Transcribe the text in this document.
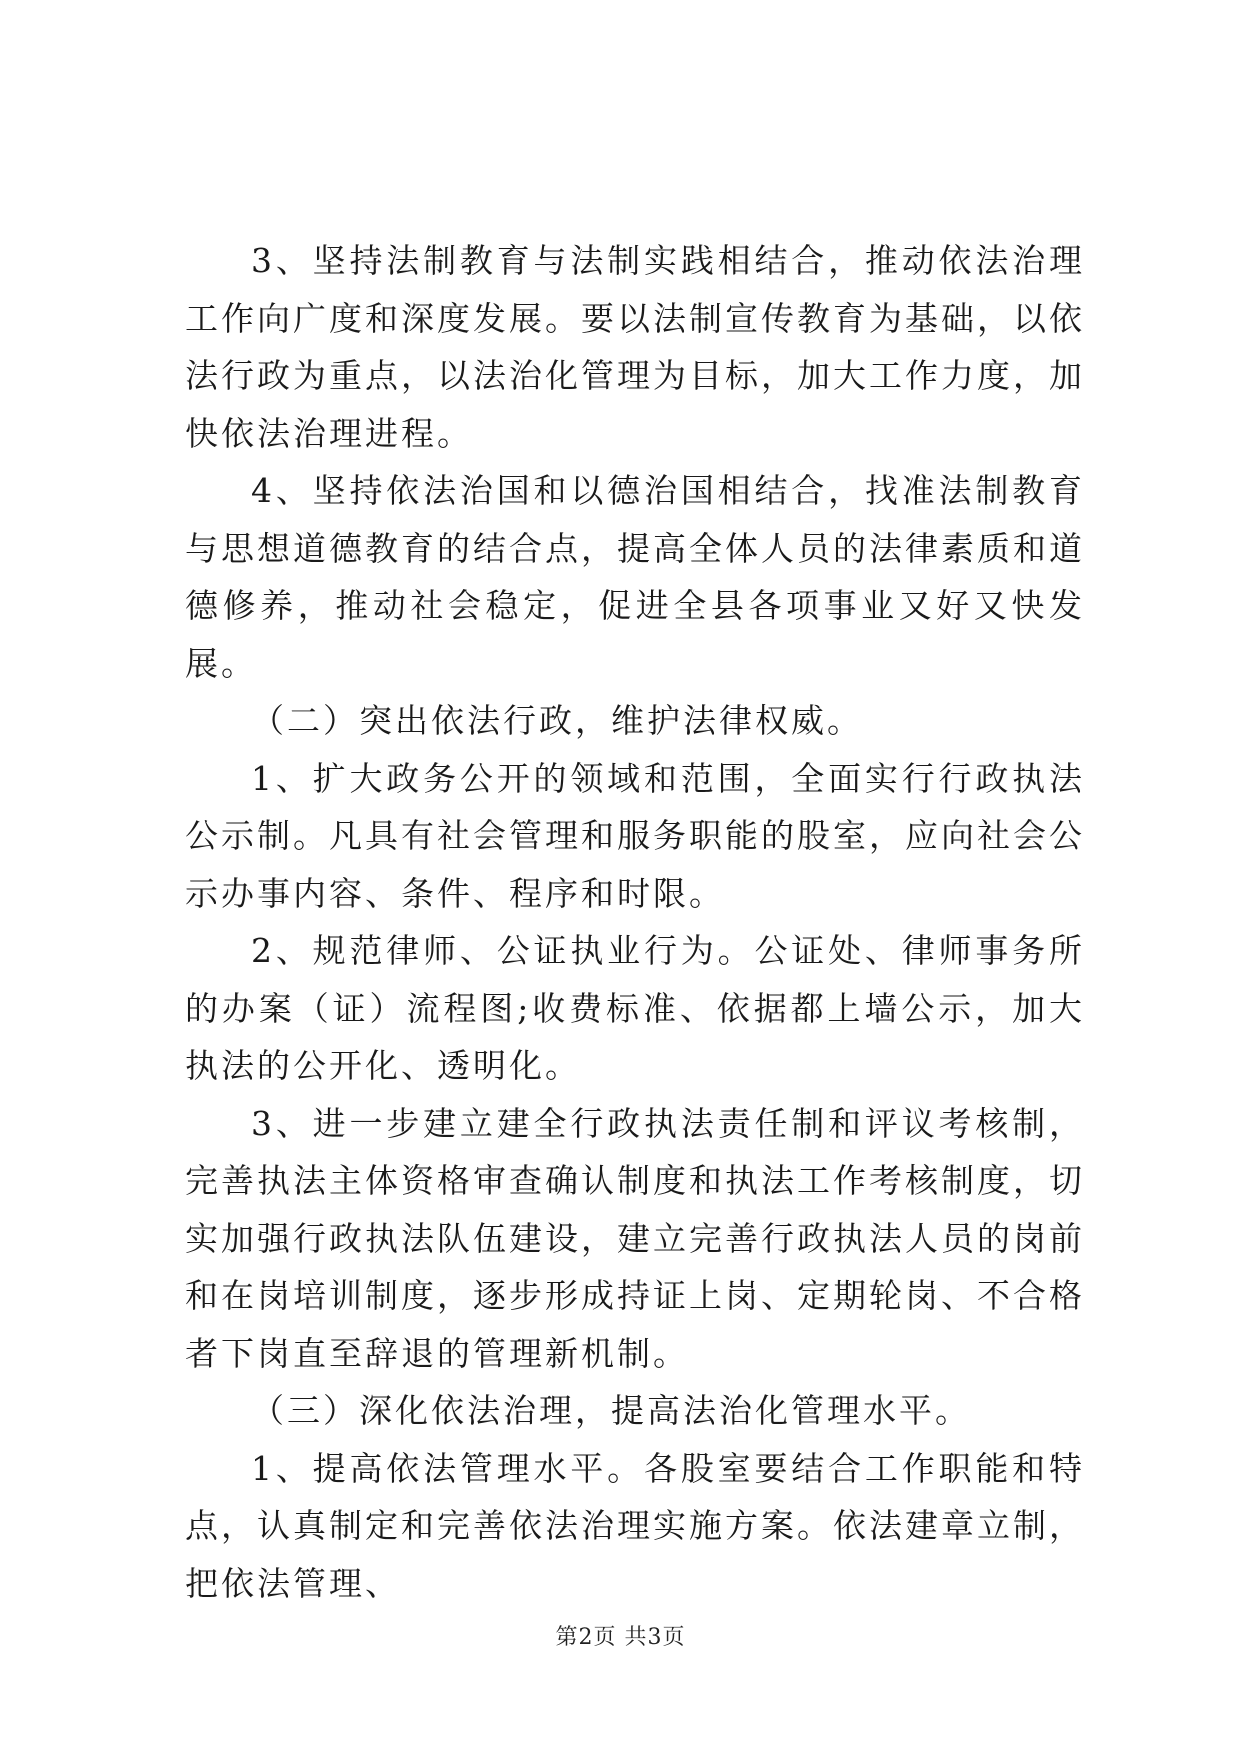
3、坚持法制教育与法制实践相结合，推动依法治理工作向广度和深度发展。要以法制宣传教育为基础，以依法行政为重点，以法治化管理为目标，加大工作力度，加快依法治理进程。

4、坚持依法治国和以德治国相结合，找准法制教育与思想道德教育的结合点，提高全体人员的法律素质和道德修养，推动社会稳定，促进全县各项事业又好又快发展。

（二）突出依法行政，维护法律权威。

1、扩大政务公开的领域和范围，全面实行行政执法公示制。凡具有社会管理和服务职能的股室，应向社会公示办事内容、条件、程序和时限。

2、规范律师、公证执业行为。公证处、律师事务所的办案（证）流程图;收费标准、依据都上墙公示，加大执法的公开化、透明化。

3、进一步建立建全行政执法责任制和评议考核制，完善执法主体资格审查确认制度和执法工作考核制度，切实加强行政执法队伍建设，建立完善行政执法人员的岗前和在岗培训制度，逐步形成持证上岗、定期轮岗、不合格者下岗直至辞退的管理新机制。

（三）深化依法治理，提高法治化管理水平。

1、提高依法管理水平。各股室要结合工作职能和特点，认真制定和完善依法治理实施方案。依法建章立制，把依法管理、

第2页 共3页
